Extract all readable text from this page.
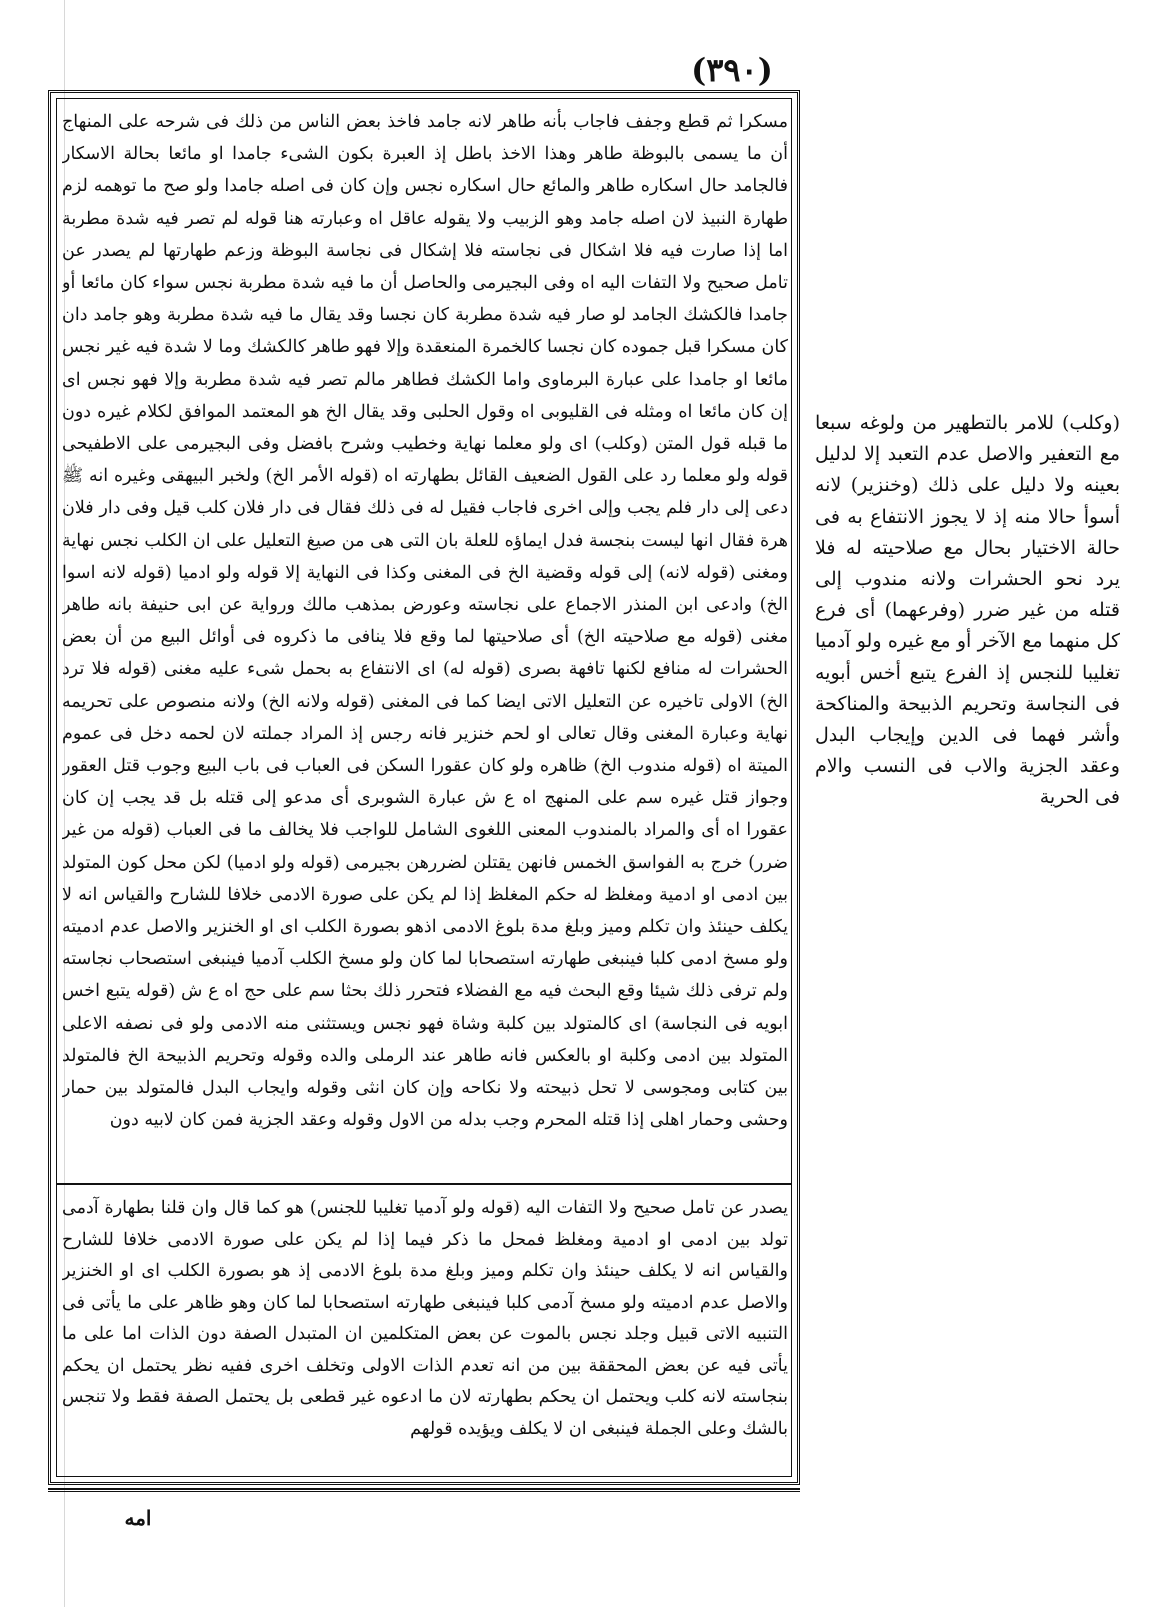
(٣٩٠)
مسكرا ثم قطع وجفف فاجاب بأنه طاهر لانه جامد فاخذ بعض الناس من ذلك فى شرحه على المنهاج أن ما يسمى بالبوظة طاهر وهذا الاخذ باطل إذ العبرة بكون الشىء جامدا او مائعا بحالة الاسكار فالجامد حال اسكاره طاهر والمائع حال اسكاره نجس وإن كان فى اصله جامدا ولو صح ما توهمه لزم طهارة النبيذ لان اصله جامد وهو الزبيب ولا يقوله عاقل اه وعبارته هنا قوله لم تصر فيه شدة مطربة اما إذا صارت فيه فلا اشكال فى نجاسته فلا إشكال فى نجاسة البوظة وزعم طهارتها لم يصدر عن تامل صحيح ولا التفات اليه اه وفى البجيرمى والحاصل أن ما فيه شدة مطربة نجس سواء كان مائعا أو جامدا فالكشك الجامد لو صار فيه شدة مطربة كان نجسا وقد يقال ما فيه شدة مطربة وهو جامد دان كان مسكرا قبل جموده كان نجسا كالخمرة المنعقدة وإلا فهو طاهر كالكشك وما لا شدة فيه غير نجس مائعا او جامدا على عبارة البرماوى واما الكشك فطاهر مالم تصر فيه شدة مطربة وإلا فهو نجس اى إن كان مائعا اه ومثله فى القليوبى اه وقول الحلبى وقد يقال الخ هو المعتمد الموافق لكلام غيره دون ما قبله قول المتن (وكلب) اى ولو معلما نهاية وخطيب وشرح بافضل وفى البجيرمى على الاطفيحى قوله ولو معلما رد على القول الضعيف القائل بطهارته اه (قوله الأمر الخ) ولخبر البيهقى وغيره انه ﷺ دعى إلى دار فلم يجب وإلى اخرى فاجاب فقيل له فى ذلك فقال فى دار فلان كلب قيل وفى دار فلان هرة فقال انها ليست بنجسة فدل ايماؤه للعلة بان التى هى من صيغ التعليل على ان الكلب نجس نهاية ومغنى (قوله لانه) إلى قوله وقضية الخ فى المغنى وكذا فى النهاية إلا قوله ولو ادميا (قوله لانه اسوا الخ) وادعى ابن المنذر الاجماع على نجاسته وعورض بمذهب مالك ورواية عن ابى حنيفة بانه طاهر مغنى (قوله مع صلاحيته الخ) أى صلاحيتها لما وقع فلا ينافى ما ذكروه فى أوائل البيع من أن بعض الحشرات له منافع لكنها تافهة بصرى (قوله له) اى الانتفاع به بحمل شىء عليه مغنى (قوله فلا ترد الخ) الاولى تاخيره عن التعليل الاتى ايضا كما فى المغنى (قوله ولانه الخ) ولانه منصوص على تحريمه نهاية وعبارة المغنى وقال تعالى او لحم خنزير فانه رجس إذ المراد جملته لان لحمه دخل فى عموم الميتة اه (قوله مندوب الخ) ظاهره ولو كان عقورا السكن فى العباب فى باب البيع وجوب قتل العقور وجواز قتل غيره سم على المنهج اه ع ش عبارة الشوبرى أى مدعو إلى قتله بل قد يجب إن كان عقورا اه أى والمراد بالمندوب المعنى اللغوى الشامل للواجب فلا يخالف ما فى العباب (قوله من غير ضرر) خرج به الفواسق الخمس فانهن يقتلن لضررهن بجيرمى (قوله ولو ادميا) لكن محل كون المتولد بين ادمى او ادمية ومغلظ له حكم المغلظ إذا لم يكن على صورة الادمى خلافا للشارح والقياس انه لا يكلف حينئذ وان تكلم وميز وبلغ مدة بلوغ الادمى اذهو بصورة الكلب اى او الخنزير والاصل عدم ادميته ولو مسخ ادمى كلبا فينبغى طهارته استصحابا لما كان ولو مسخ الكلب آدميا فينبغى استصحاب نجاسته ولم ترفى ذلك شيئا وقع البحث فيه مع الفضلاء فتحرر ذلك بحثا سم على حج اه ع ش (قوله يتبع اخس ابويه فى النجاسة) اى كالمتولد بين كلبة وشاة فهو نجس ويستثنى منه الادمى ولو فى نصفه الاعلى المتولد بين ادمى وكلبة او بالعكس فانه طاهر عند الرملى والده وقوله وتحريم الذبيحة الخ فالمتولد بين كتابى ومجوسى لا تحل ذبيحته ولا نكاحه وإن كان انثى وقوله وايجاب البدل فالمتولد بين حمار وحشى وحمار اهلى إذا قتله المحرم وجب بدله من الاول وقوله وعقد الجزية فمن كان لابيه دون
يصدر عن تامل صحيح ولا التفات اليه (قوله ولو آدميا تغليبا للجنس) هو كما قال وان قلنا بطهارة آدمى تولد بين ادمى او ادمية ومغلظ فمحل ما ذكر فيما إذا لم يكن على صورة الادمى خلافا للشارح والقياس انه لا يكلف حينئذ وان تكلم وميز وبلغ مدة بلوغ الادمى إذ هو بصورة الكلب اى او الخنزير والاصل عدم ادميته ولو مسخ آدمى كلبا فينبغى طهارته استصحابا لما كان وهو ظاهر على ما يأتى فى التنبيه الاتى قبيل وجلد نجس بالموت عن بعض المتكلمين ان المتبدل الصفة دون الذات اما على ما يأتى فيه عن بعض المحققة بين من انه تعدم الذات الاولى وتخلف اخرى ففيه نظر يحتمل ان يحكم بنجاسته لانه كلب ويحتمل ان يحكم بطهارته لان ما ادعوه غير قطعى بل يحتمل الصفة فقط ولا تنجس بالشك وعلى الجملة فينبغى ان لا يكلف ويؤيده قولهم
(وكلب) للامر بالتطهير من ولوغه سبعا مع التعفير والاصل عدم التعبد إلا لدليل بعينه ولا دليل على ذلك (وخنزير) لانه أسوأ حالا منه إذ لا يجوز الانتفاع به فى حالة الاختيار بحال مع صلاحيته له فلا يرد نحو الحشرات ولانه مندوب إلى قتله من غير ضرر (وفرعهما) أى فرع كل منهما مع الآخر أو مع غيره ولو آدميا تغليبا للنجس إذ الفرع يتبع أخس أبويه فى النجاسة وتحريم الذبيحة والمناكحة وأشر فهما فى الدين وإيجاب البدل وعقد الجزية والاب فى النسب والام فى الحرية
امه
